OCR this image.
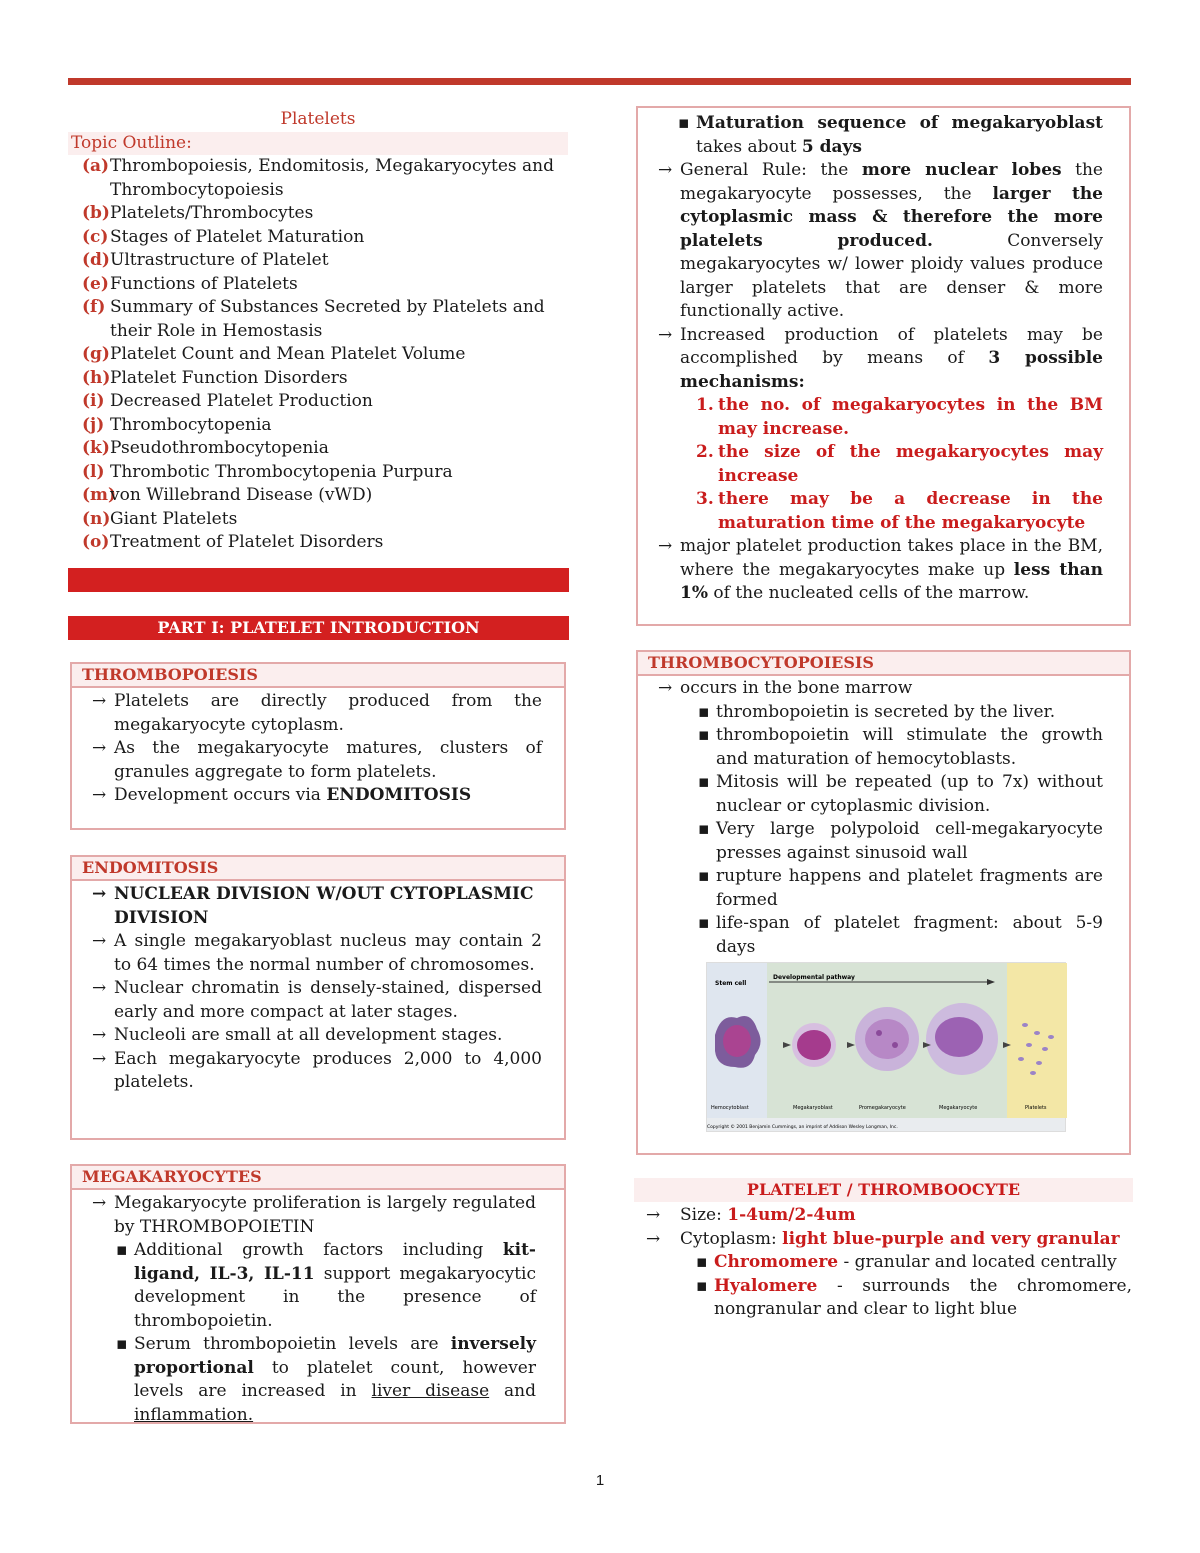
Platelets
Topic Outline:
(a) Thrombopoiesis, Endomitosis, Megakaryocytes and Thrombocytopoiesis
(b) Platelets/Thrombocytes
(c) Stages of Platelet Maturation
(d) Ultrastructure of Platelet
(e) Functions of Platelets
(f) Summary of Substances Secreted by Platelets and their Role in Hemostasis
(g) Platelet Count and Mean Platelet Volume
(h) Platelet Function Disorders
(i) Decreased Platelet Production
(j) Thrombocytopenia
(k) Pseudothrombocytopenia
(l) Thrombotic Thrombocytopenia Purpura
(m)
von Willebrand Disease (vWD)
(n) Giant Platelets
(o) Treatment of Platelet Disorders
PART I: PLATELET INTRODUCTION
THROMBOPOIESIS

→ Platelets are directly produced from the megakaryocyte cytoplasm.

→ As the megakaryocyte matures, clusters of granules aggregate to form platelets.

→ Development occurs via ENDOMITOSIS

ENDOMITOSIS

→ NUCLEAR DIVISION W/OUT CYTOPLASMIC DIVISION

→ A single megakaryoblast nucleus may contain 2 to 64 times the normal number of chromosomes.

→ Nuclear chromatin is densely-stained, dispersed early and more compact at later stages.

→ Nucleoli are small at all development stages.

→ Each megakaryocyte produces 2,000 to 4,000 platelets.

MEGAKARYOCYTES

→ Megakaryocyte proliferation is largely regulated by THROMBOPOIETIN

▪ Additional growth factors including kit-ligand, IL-3, IL-11 support megakaryocytic development in the presence of thrombopoietin.

▪ Serum thrombopoietin levels are inversely proportional to platelet count, however levels are increased in liver disease and inflammation.

▪ Maturation sequence of megakaryoblast takes about 5 days

→ General Rule: the more nuclear lobes the megakaryocyte possesses, the larger the cytoplasmic mass & therefore the more platelets produced. Conversely megakaryocytes w/ lower ploidy values produce larger platelets that are denser & more functionally active.

→ Increased production of platelets may be accomplished by means of 3 possible mechanisms:

1. the no. of megakaryocytes in the BM may increase.

2. the size of the megakaryocytes may increase

3. there may be a decrease in the maturation time of the megakaryocyte

→ major platelet production takes place in the BM, where the megakaryocytes make up less than 1% of the nucleated cells of the marrow.

THROMBOCYTOPOIESIS

→ occurs in the bone marrow

▪ thrombopoietin is secreted by the liver.

▪ thrombopoietin will stimulate the growth and maturation of hemocytoblasts.

▪ Mitosis will be repeated (up to 7x) without nuclear or cytoplasmic division.

▪ Very large polypoloid cell-megakaryocyte presses against sinusoid wall

▪ rupture happens and platelet fragments are formed

▪ life-span of platelet fragment: about 5-9 days

Stem cell
Developmental pathway
Hemocytoblast	Megakaryoblast	Promegakaryocyte	Megakaryocyte	Platelets
Copyright © 2001 Benjamin Cummings, an imprint of Addison Wesley Longman, Inc.
PLATELET / THROMBOOCYTE

→ Size: 1-4um/2-4um

→ Cytoplasm: light blue-purple and very granular

▪ Chromomere - granular and located centrally

▪ Hyalomere - surrounds the chromomere, nongranular and clear to light blue

1
